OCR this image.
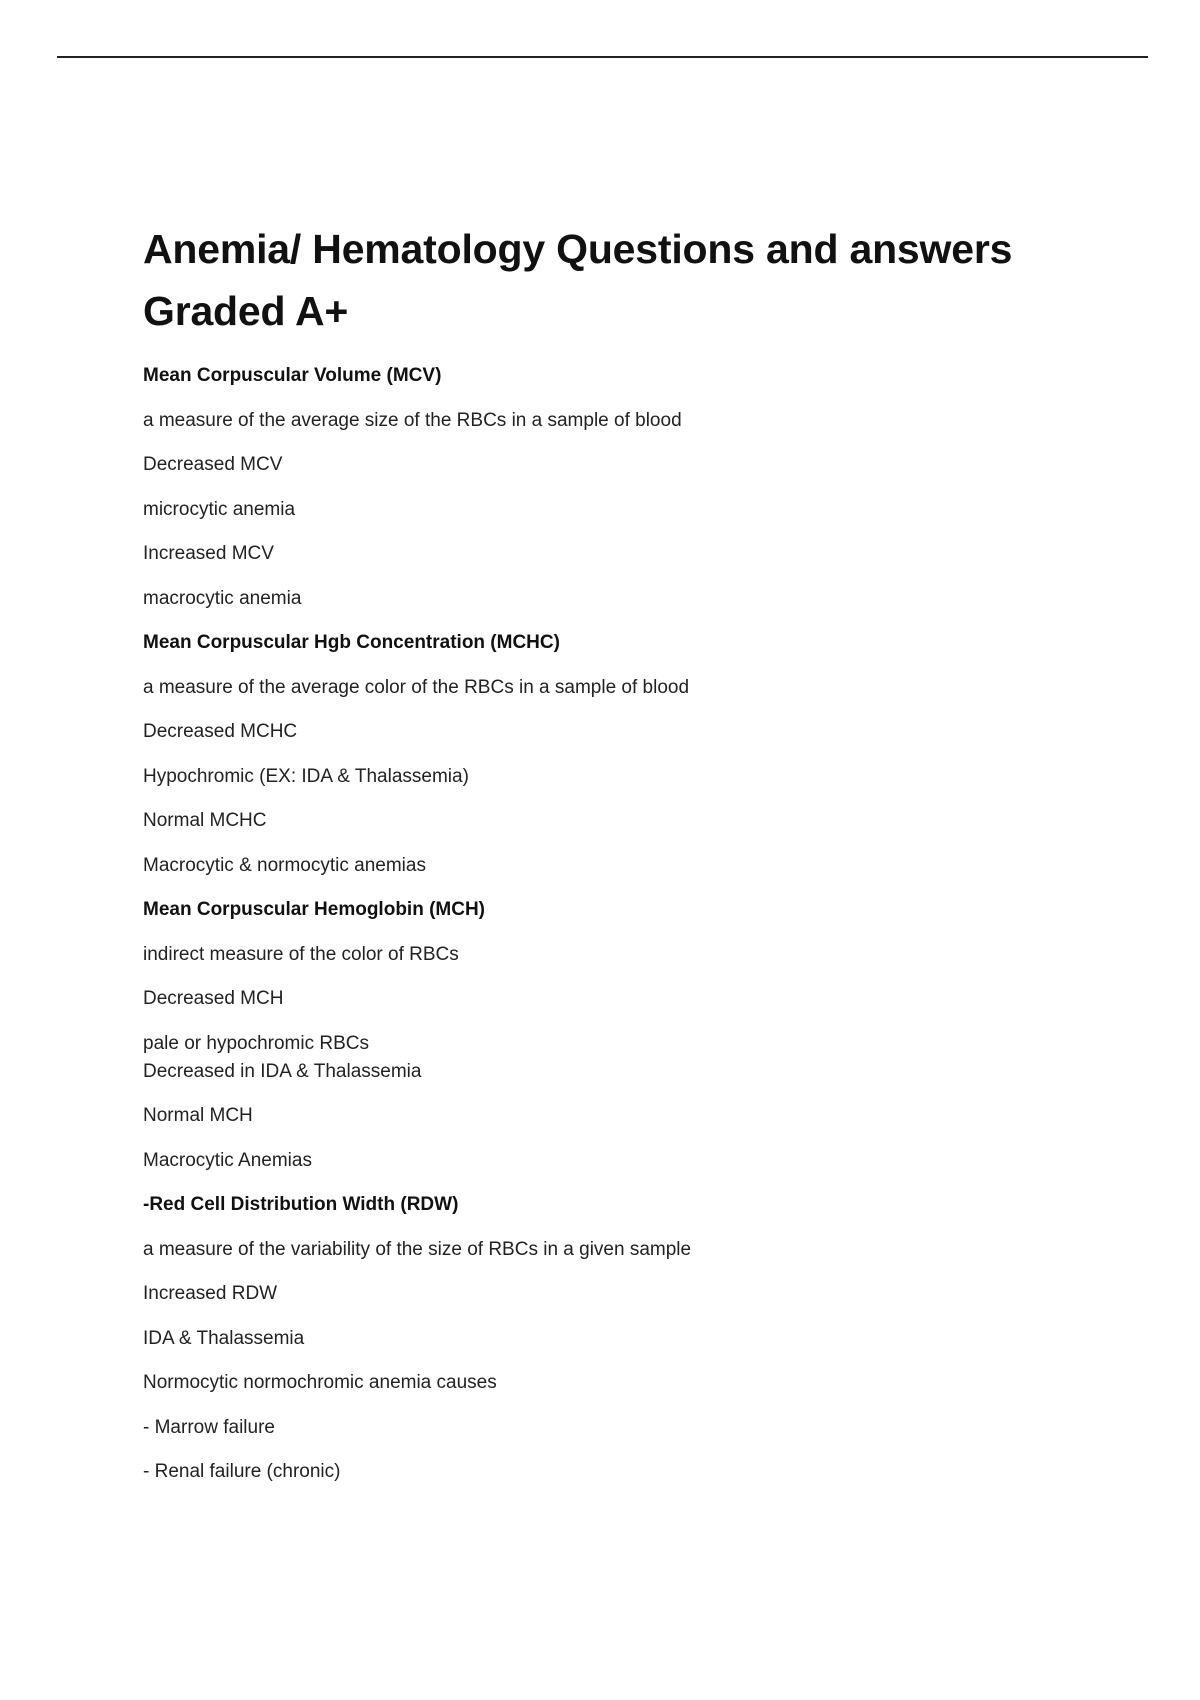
Anemia/ Hematology Questions and answers
Graded A+

Mean Corpuscular Volume (MCV)

a measure of the average size of the RBCs in a sample of blood

Decreased MCV

microcytic anemia

Increased MCV

macrocytic anemia

Mean Corpuscular Hgb Concentration (MCHC)

a measure of the average color of the RBCs in a sample of blood

Decreased MCHC

Hypochromic (EX: IDA & Thalassemia)

Normal MCHC

Macrocytic & normocytic anemias

Mean Corpuscular Hemoglobin (MCH)

indirect measure of the color of RBCs

Decreased MCH

pale or hypochromic RBCs
Decreased in IDA & Thalassemia

Normal MCH

Macrocytic Anemias

-Red Cell Distribution Width (RDW)

a measure of the variability of the size of RBCs in a given sample

Increased RDW

IDA & Thalassemia

Normocytic normochromic anemia causes

- Marrow failure

- Renal failure (chronic)
